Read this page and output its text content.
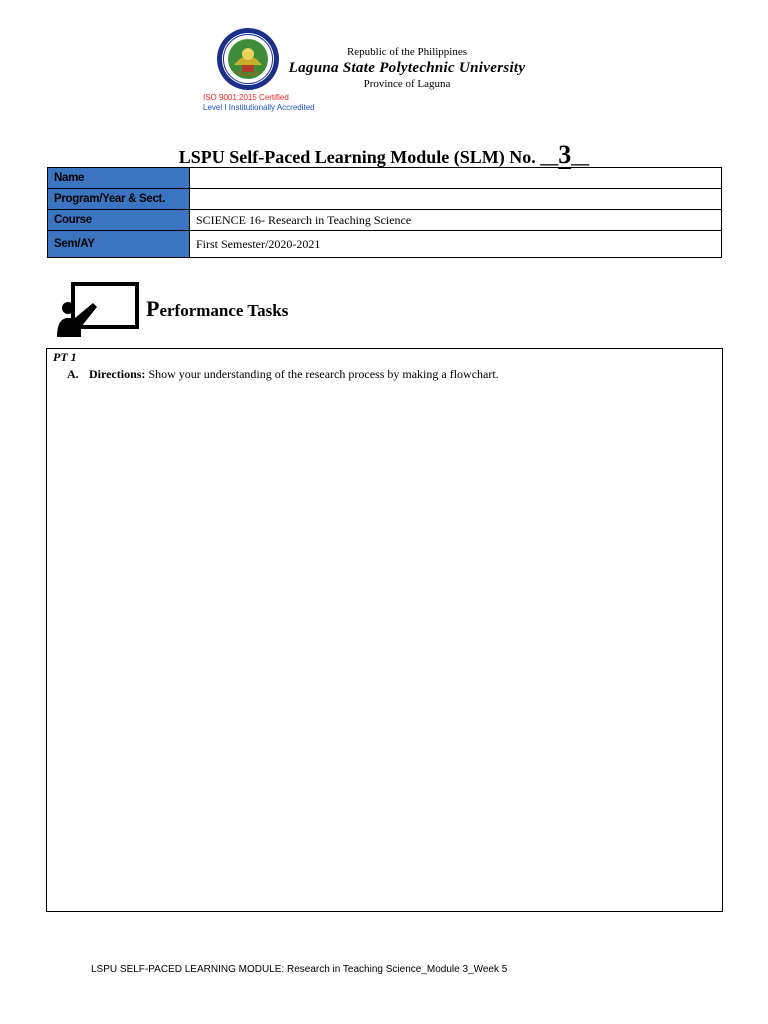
ISO 9001:2015 Certified
Level I Institutionally Accredited
Republic of the Philippines
Laguna State Polytechnic University
Province of Laguna
LSPU Self-Paced Learning Module (SLM) No. __3__
Name	
Program/Year & Sect.	
Course	SCIENCE 16- Research in Teaching Science
Sem/AY	First Semester/2020-2021
Performance Tasks
PT 1
A. Directions: Show your understanding of the research process by making a flowchart.
LSPU SELF-PACED LEARNING MODULE: Research in Teaching Science_Module 3_Week 5
